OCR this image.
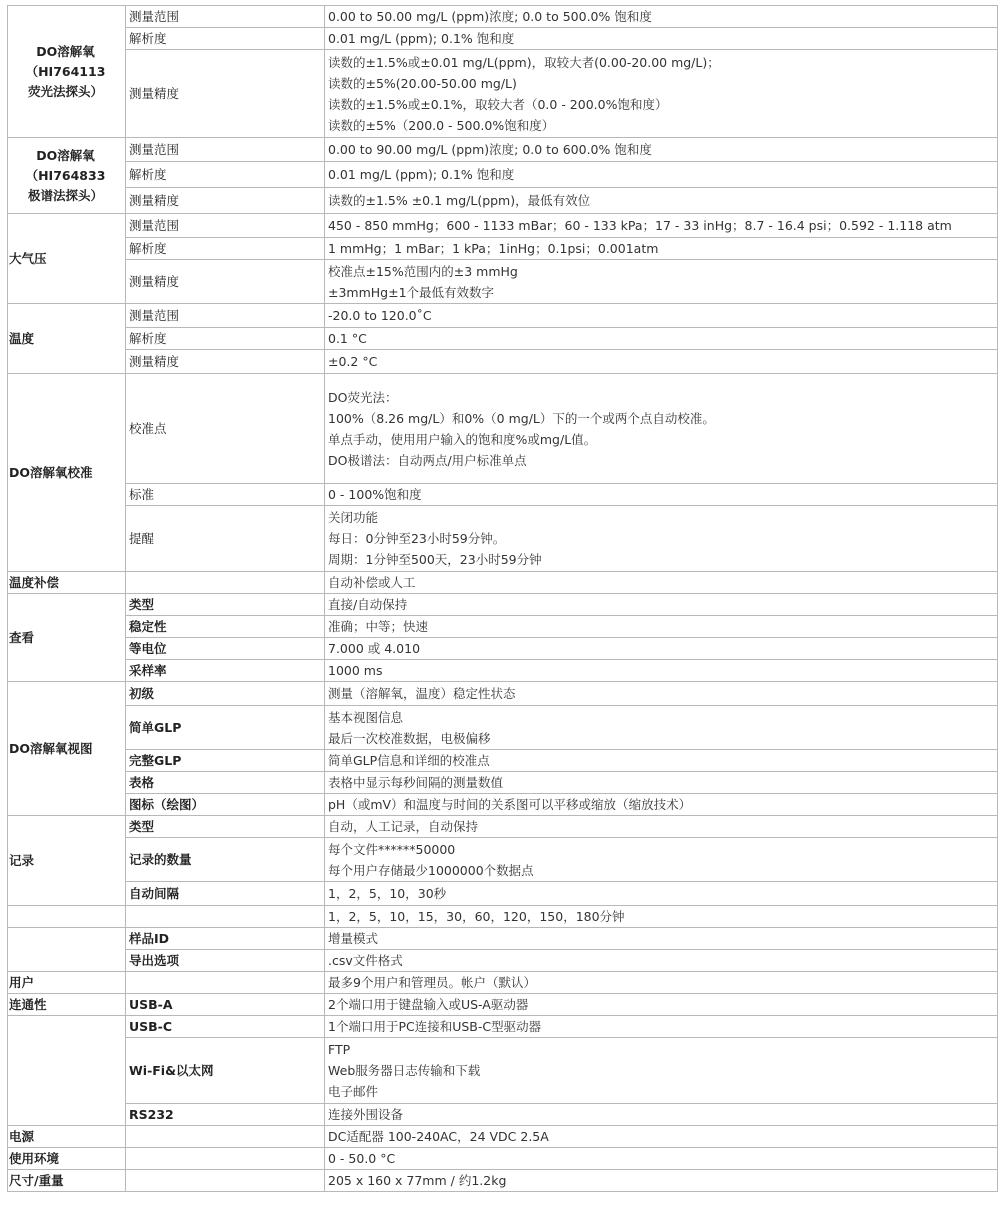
DO溶解氧
（HI764113
荧光法探头）	测量范围	0.00 to 50.00 mg/L (ppm)浓度; 0.0 to 500.0% 饱和度

	解析度	0.01 mg/L (ppm); 0.1% 饱和度

	测量精度	读数的±1.5%或±0.01 mg/L(ppm)，取较大者(0.00-20.00 mg/L)；
读数的±5%(20.00-50.00 mg/L)
读数的±1.5%或±0.1%，取较大者（0.0 - 200.0%饱和度）
读数的±5%（200.0 - 500.0%饱和度）

DO溶解氧
（HI764833
极谱法探头）	测量范围	0.00 to 90.00 mg/L (ppm)浓度; 0.0 to 600.0% 饱和度

	解析度	0.01 mg/L (ppm); 0.1% 饱和度

	测量精度	读数的±1.5% ±0.1 mg/L(ppm)，最低有效位

大气压	测量范围	450 - 850 mmHg；600 - 1133 mBar；60 - 133 kPa；17 - 33 inHg；8.7 - 16.4 psi；0.592 - 1.118 atm

	解析度	1 mmHg；1 mBar；1 kPa；1inHg；0.1psi；0.001atm

	测量精度	校准点±15%范围内的±3 mmHg
±3mmHg±1个最低有效数字

温度	测量范围	-20.0 to 120.0˚C

	解析度	0.1 °C

	测量精度	±0.2 °C

DO溶解氧校准	校准点	DO荧光法：
100%（8.26 mg/L）和0%（0 mg/L）下的一个或两个点自动校准。
单点手动，使用用户输入的饱和度%或mg/L值。
DO极谱法：自动两点/用户标准单点

	标准	0 - 100%饱和度

	提醒	关闭功能
每日：0分钟至23小时59分钟。
周期：1分钟至500天，23小时59分钟

温度补偿		自动补偿或人工

查看	类型	直接/自动保持

	稳定性	准确；中等；快速

	等电位	7.000 或 4.010

	采样率	1000 ms

DO溶解氧视图	初级	测量（溶解氧，温度）稳定性状态

	简单GLP	基本视图信息
最后一次校准数据，电极偏移

	完整GLP	简单GLP信息和详细的校准点

	表格	表格中显示每秒间隔的测量数值

	图标（绘图）	pH（或mV）和温度与时间的关系图可以平移或缩放（缩放技术）

记录	类型	自动，人工记录，自动保持

	记录的数量	每个文件******50000
每个用户存储最少1000000个数据点

	自动间隔	1，2，5，10，30秒

		1，2，5，10，15，30，60，120，150，180分钟

	样品ID	增量模式

	导出选项	.csv文件格式

用户		最多9个用户和管理员。帐户（默认）

连通性	USB-A	2个端口用于键盘输入或US-A驱动器

	USB-C	1个端口用于PC连接和USB-C型驱动器

	Wi-Fi&以太网	FTP
Web服务器日志传输和下载
电子邮件

	RS232	连接外围设备

电源		DC适配器 100-240AC，24 VDC 2.5A

使用环境		0 - 50.0 °C

尺寸/重量		205 x 160 x 77mm / 约1.2kg
